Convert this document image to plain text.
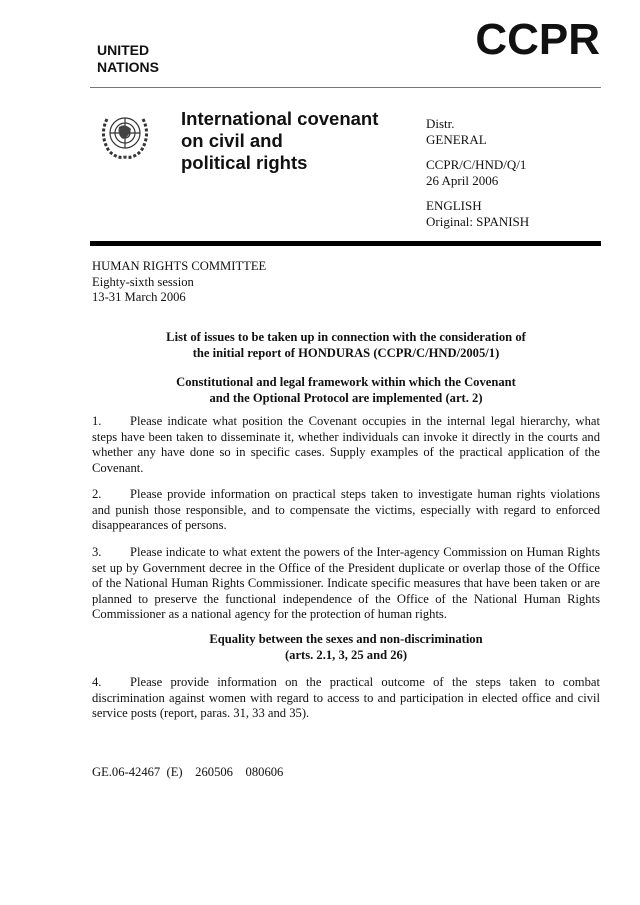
UNITED
NATIONS
CCPR
International covenant
on civil and
political rights
Distr.
GENERAL
CCPR/C/HND/Q/1
26 April 2006
ENGLISH
Original: SPANISH
HUMAN RIGHTS COMMITTEE
Eighty-sixth session
13-31 March 2006
List of issues to be taken up in connection with the consideration of
the initial report of HONDURAS (CCPR/C/HND/2005/1)
Constitutional and legal framework within which the Covenant
and the Optional Protocol are implemented (art. 2)
1. Please indicate what position the Covenant occupies in the internal legal hierarchy, what steps have been taken to disseminate it, whether individuals can invoke it directly in the courts and whether any have done so in specific cases. Supply examples of the practical application of the Covenant.
2. Please provide information on practical steps taken to investigate human rights violations and punish those responsible, and to compensate the victims, especially with regard to enforced disappearances of persons.
3. Please indicate to what extent the powers of the Inter-agency Commission on Human Rights set up by Government decree in the Office of the President duplicate or overlap those of the Office of the National Human Rights Commissioner. Indicate specific measures that have been taken or are planned to preserve the functional independence of the Office of the National Human Rights Commissioner as a national agency for the protection of human rights.
Equality between the sexes and non-discrimination
(arts. 2.1, 3, 25 and 26)
4. Please provide information on the practical outcome of the steps taken to combat discrimination against women with regard to access to and participation in elected office and civil service posts (report, paras. 31, 33 and 35).
GE.06-42467  (E)    260506    080606
